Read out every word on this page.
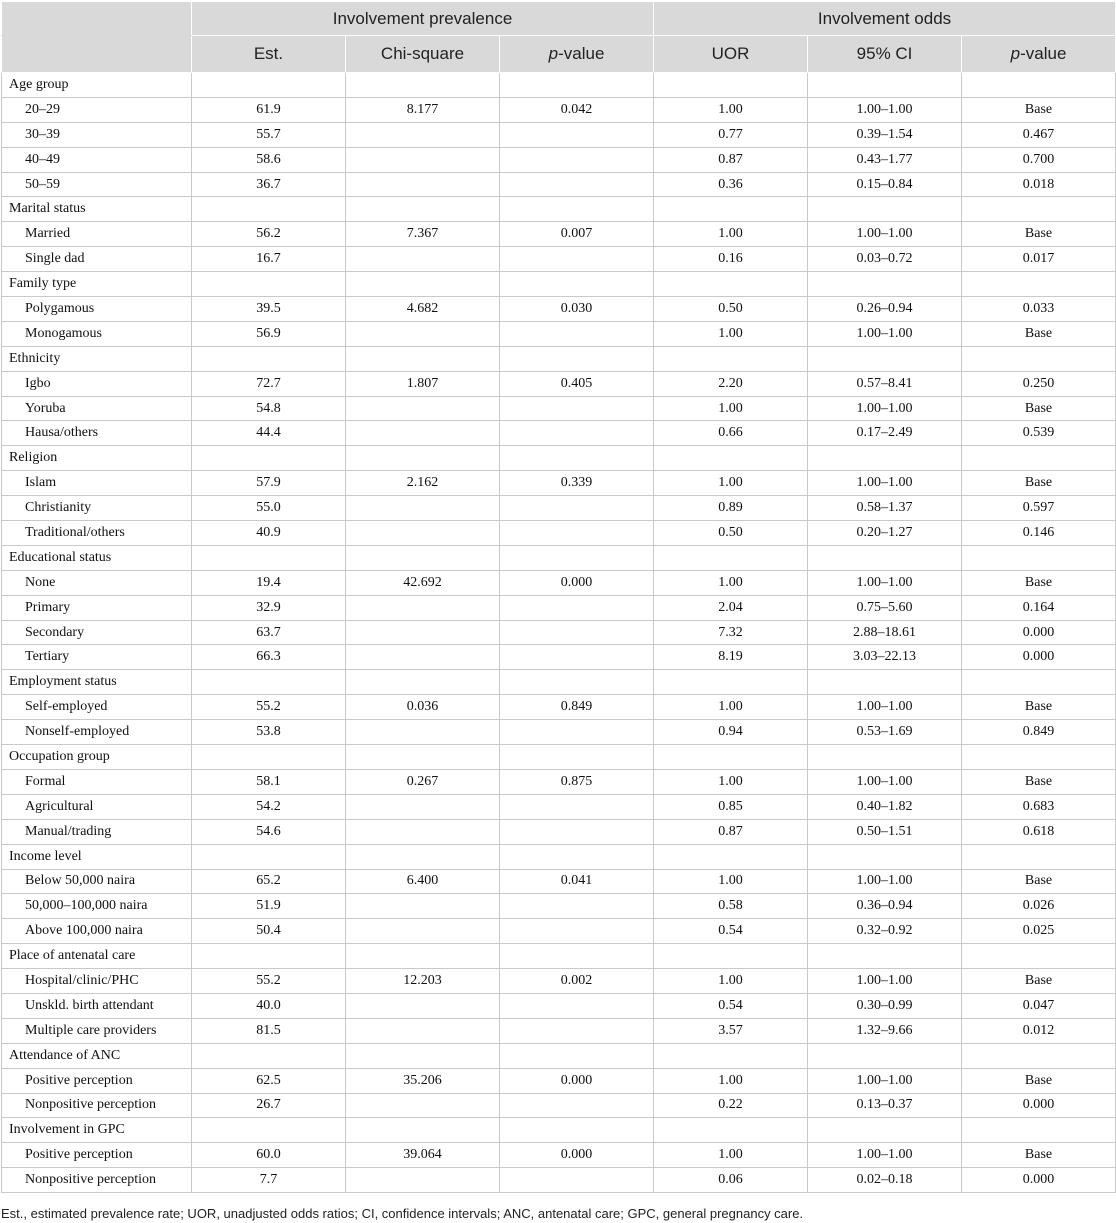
	Involvement prevalence			Involvement odds		
	Est.	Chi-square	p-value	UOR	95% CI	p-value
Age group						
20–29	61.9	8.177	0.042	1.00	1.00–1.00	Base
30–39	55.7			0.77	0.39–1.54	0.467
40–49	58.6			0.87	0.43–1.77	0.700
50–59	36.7			0.36	0.15–0.84	0.018
Marital status						
Married	56.2	7.367	0.007	1.00	1.00–1.00	Base
Single dad	16.7			0.16	0.03–0.72	0.017
Family type						
Polygamous	39.5	4.682	0.030	0.50	0.26–0.94	0.033
Monogamous	56.9			1.00	1.00–1.00	Base
Ethnicity						
Igbo	72.7	1.807	0.405	2.20	0.57–8.41	0.250
Yoruba	54.8			1.00	1.00–1.00	Base
Hausa/others	44.4			0.66	0.17–2.49	0.539
Religion						
Islam	57.9	2.162	0.339	1.00	1.00–1.00	Base
Christianity	55.0			0.89	0.58–1.37	0.597
Traditional/others	40.9			0.50	0.20–1.27	0.146
Educational status						
None	19.4	42.692	0.000	1.00	1.00–1.00	Base
Primary	32.9			2.04	0.75–5.60	0.164
Secondary	63.7			7.32	2.88–18.61	0.000
Tertiary	66.3			8.19	3.03–22.13	0.000
Employment status						
Self-employed	55.2	0.036	0.849	1.00	1.00–1.00	Base
Nonself-employed	53.8			0.94	0.53–1.69	0.849
Occupation group						
Formal	58.1	0.267	0.875	1.00	1.00–1.00	Base
Agricultural	54.2			0.85	0.40–1.82	0.683
Manual/trading	54.6			0.87	0.50–1.51	0.618
Income level						
Below 50,000 naira	65.2	6.400	0.041	1.00	1.00–1.00	Base
50,000–100,000 naira	51.9			0.58	0.36–0.94	0.026
Above 100,000 naira	50.4			0.54	0.32–0.92	0.025
Place of antenatal care						
Hospital/clinic/PHC	55.2	12.203	0.002	1.00	1.00–1.00	Base
Unskld. birth attendant	40.0			0.54	0.30–0.99	0.047
Multiple care providers	81.5			3.57	1.32–9.66	0.012
Attendance of ANC						
Positive perception	62.5	35.206	0.000	1.00	1.00–1.00	Base
Nonpositive perception	26.7			0.22	0.13–0.37	0.000
Involvement in GPC						
Positive perception	60.0	39.064	0.000	1.00	1.00–1.00	Base
Nonpositive perception	7.7			0.06	0.02–0.18	0.000
Est., estimated prevalence rate; UOR, unadjusted odds ratios; CI, confidence intervals; ANC, antenatal care; GPC, general pregnancy care.
